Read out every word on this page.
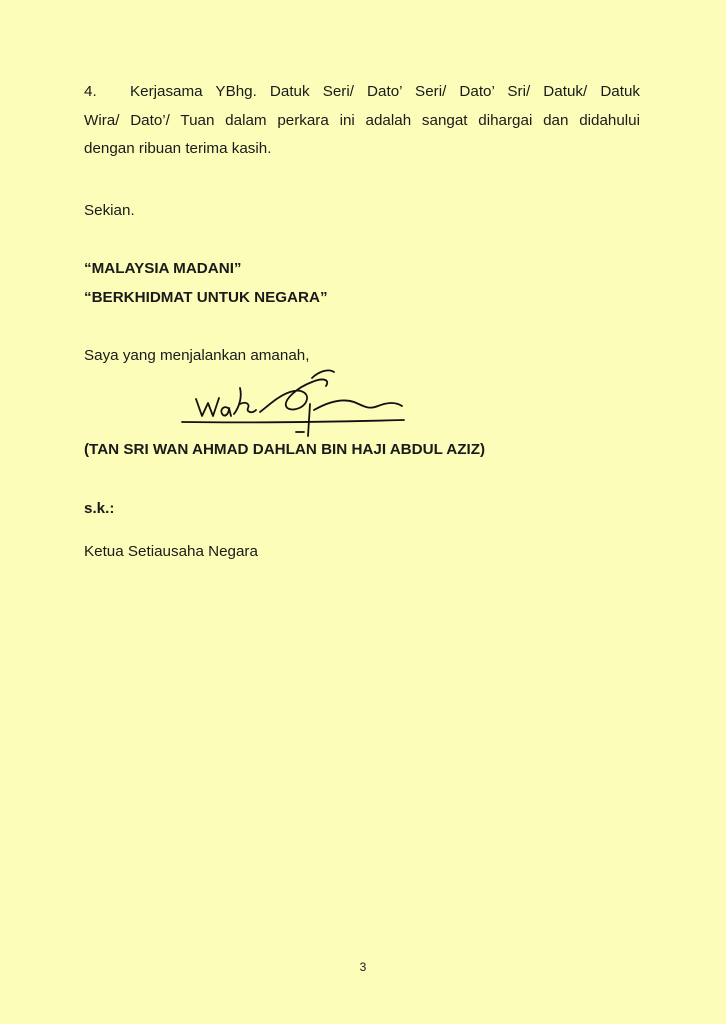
4. Kerjasama YBhg. Datuk Seri/ Dato’ Seri/ Dato’ Sri/ Datuk/ Datuk
Wira/ Dato’/ Tuan dalam perkara ini adalah sangat dihargai dan didahului
dengan ribuan terima kasih.
Sekian.
“MALAYSIA MADANI”
“BERKHIDMAT UNTUK NEGARA”
Saya yang menjalankan amanah,
(TAN SRI WAN AHMAD DAHLAN BIN HAJI ABDUL AZIZ)
s.k.:
Ketua Setiausaha Negara
3
